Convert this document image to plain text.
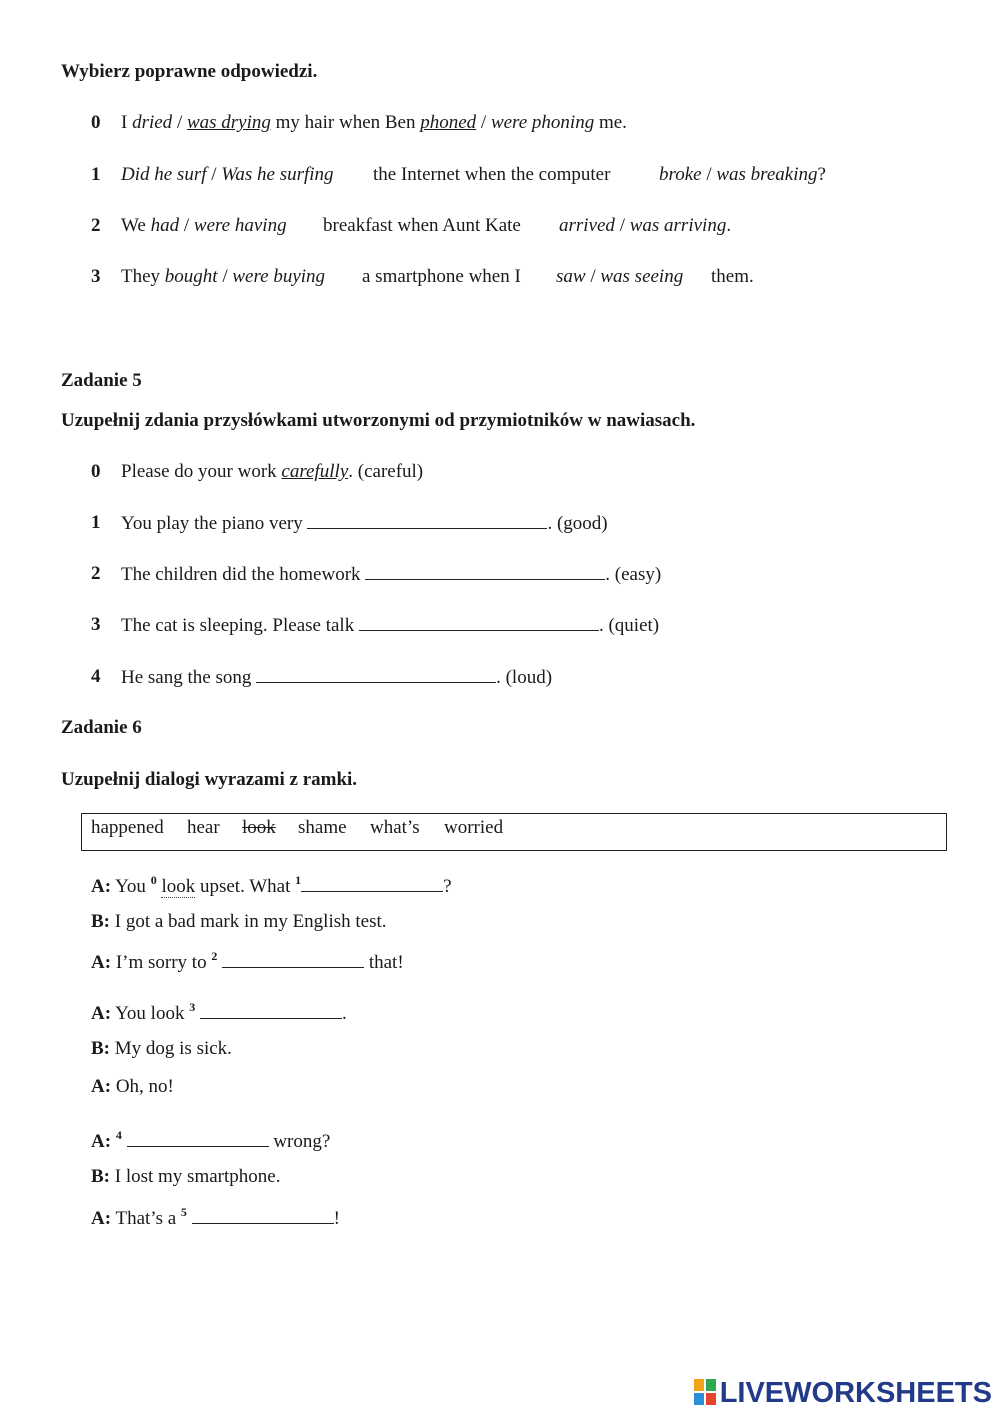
Wybierz poprawne odpowiedzi.
0 I dried / was drying my hair when Ben phoned / were phoning me.
1 Did he surf / Was he surfing the Internet when the computer	broke / was breaking?
2 We had / were having breakfast when Aunt Kate arrived / was arriving.
3 They bought / were buying a smartphone when I saw / was seeing them.
Zadanie 5
Uzupełnij zdania przysłówkami utworzonymi od przymiotników w nawiasach.
0 Please do your work carefully. (careful)
1 You play the piano very	. (good)
2 The children did the homework	. (easy)
3 The cat is sleeping. Please talk	. (quiet)
4 He sang the song	. (loud)
Zadanie 6
Uzupełnij dialogi wyrazami z ramki.
happened hear look shame what’s worried
A: You $^0$ look upset. What $^1$	?
B: I got a bad mark in my English test.
A: I’m sorry to $^2$	that!
A: You look $^3$	.
B: My dog is sick.
A: Oh, no!
A: $^4$	wrong?
B: I lost my smartphone.
A: That’s a $^5$	!
LIVEWORKSHEETS
